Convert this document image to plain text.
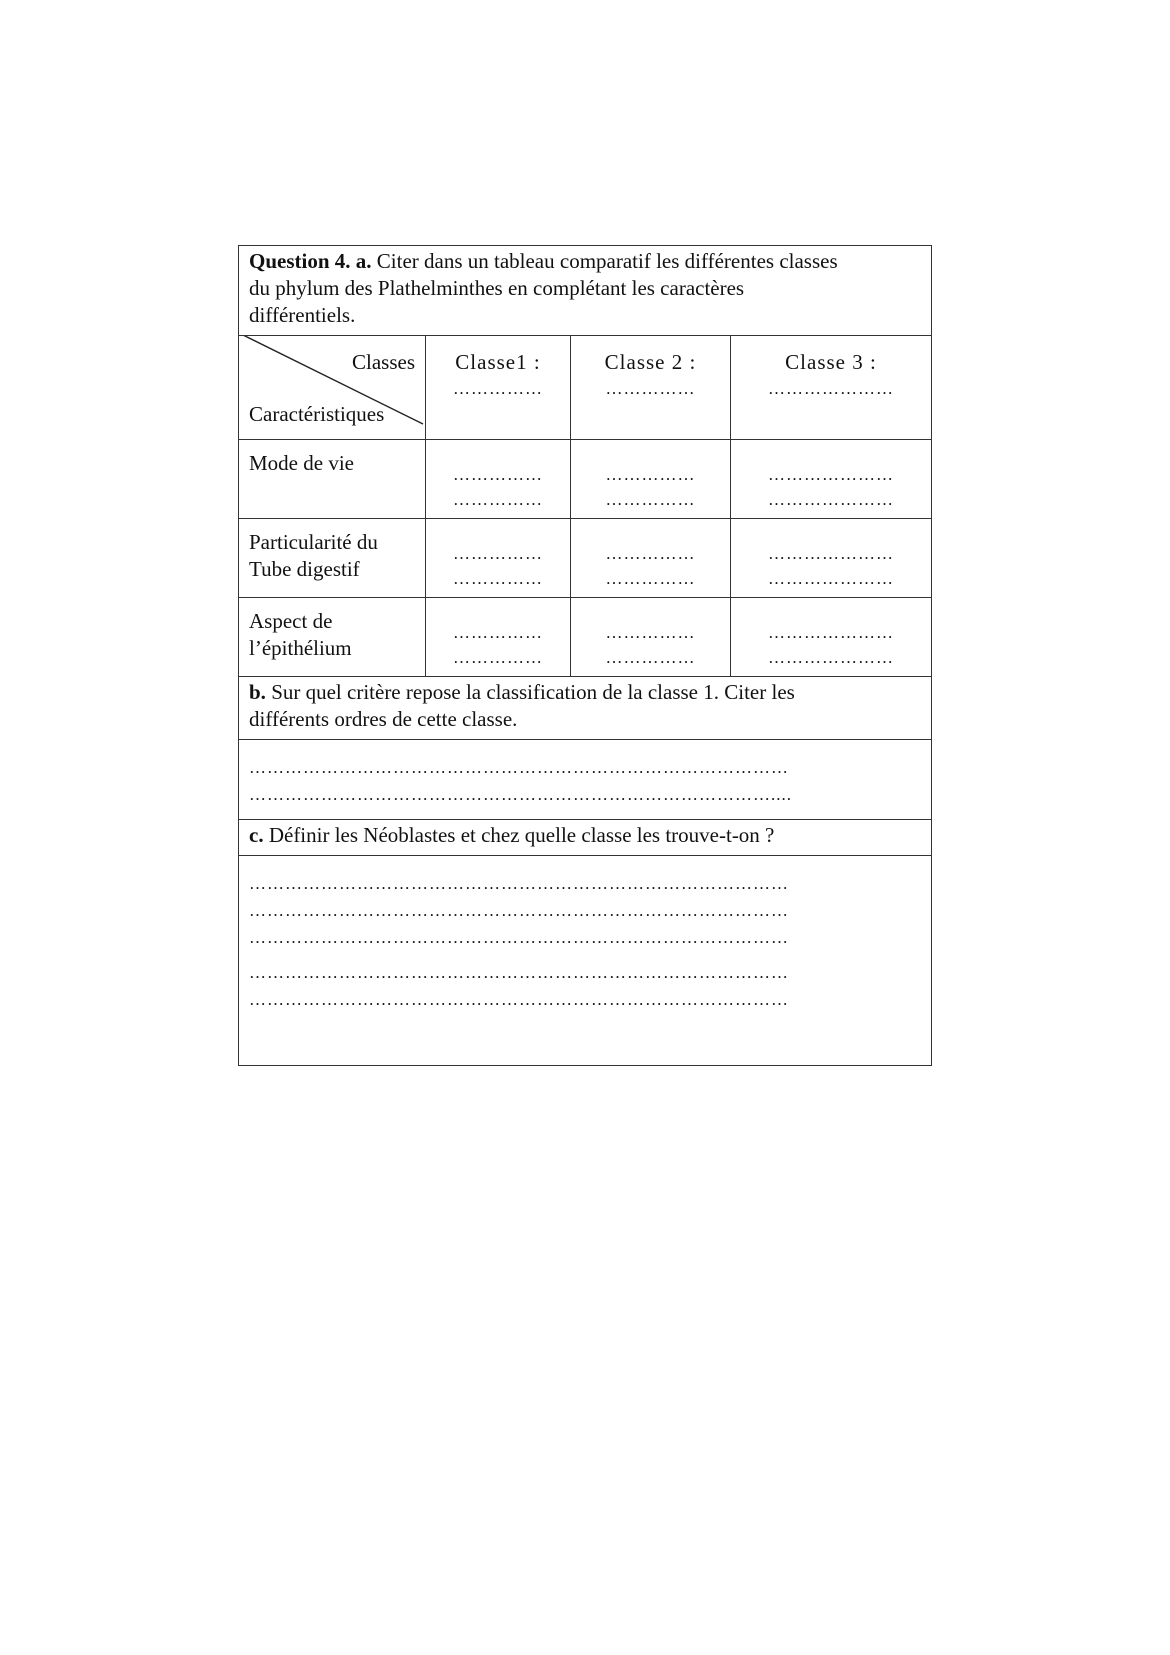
Question 4. a. Citer dans un tableau comparatif les différentes classes
du phylum des Plathelminthes en complétant les caractères
différentiels.
Classes
Caractéristiques
Classe1 :
……………
Classe 2 :
……………
Classe 3 :
…………………
Mode de vie	……………
……………
……………
……………
…………………
…………………
Particularité du
Tube digestif
……………
……………
……………
……………
…………………
…………………
Aspect de
l’épithélium
……………
……………
……………
……………
…………………
…………………
b. Sur quel critère repose la classification de la classe 1. Citer les
différents ordres de cette classe.
………………………………………………………………………………
……………………………………………………………………………....
c. Définir les Néoblastes et chez quelle classe les trouve-t-on ?
………………………………………………………………………………
………………………………………………………………………………
………………………………………………………………………………
………………………………………………………………………………
………………………………………………………………………………
